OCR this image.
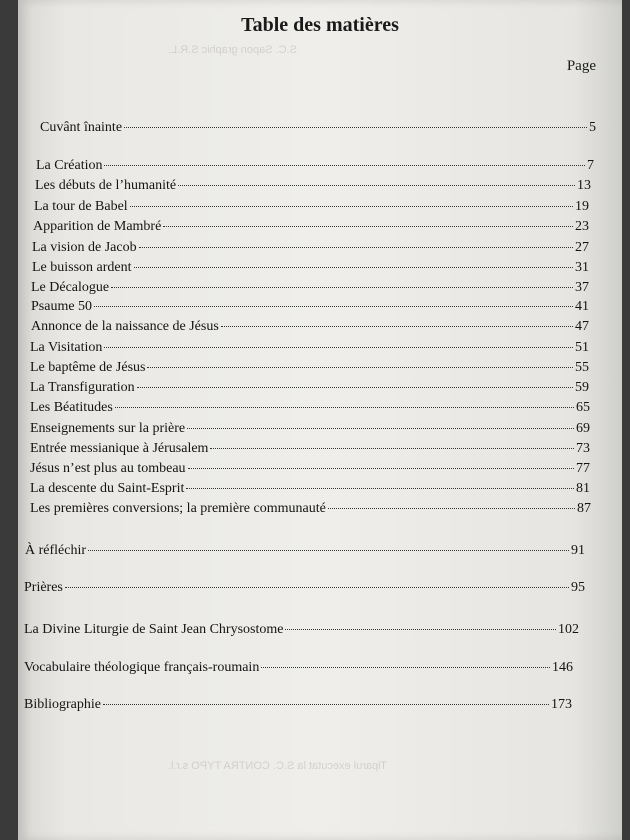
S.C. Sapon graphic S.R.L.
Tiparul executat la S.C. CONTRA TYPO s.r.l.
Table des matières
Page
Cuvânt înainte	5
La Création	7
Les débuts de l’humanité	13
La tour de Babel	19
Apparition de Mambré	23
La vision de Jacob	27
Le buisson ardent	31
Le Décalogue	37
Psaume 50	41
Annonce de la naissance de Jésus	47
La Visitation	51
Le baptême de Jésus	55
La Transfiguration	59
Les Béatitudes	65
Enseignements sur la prière	69
Entrée messianique à Jérusalem	73
Jésus n’est plus au tombeau	77
La descente du Saint-Esprit	81
Les premières conversions; la première communauté	87
À réfléchir	91
Prières	95
La Divine Liturgie de Saint Jean Chrysostome	102
Vocabulaire théologique français-roumain	146
Bibliographie	173
